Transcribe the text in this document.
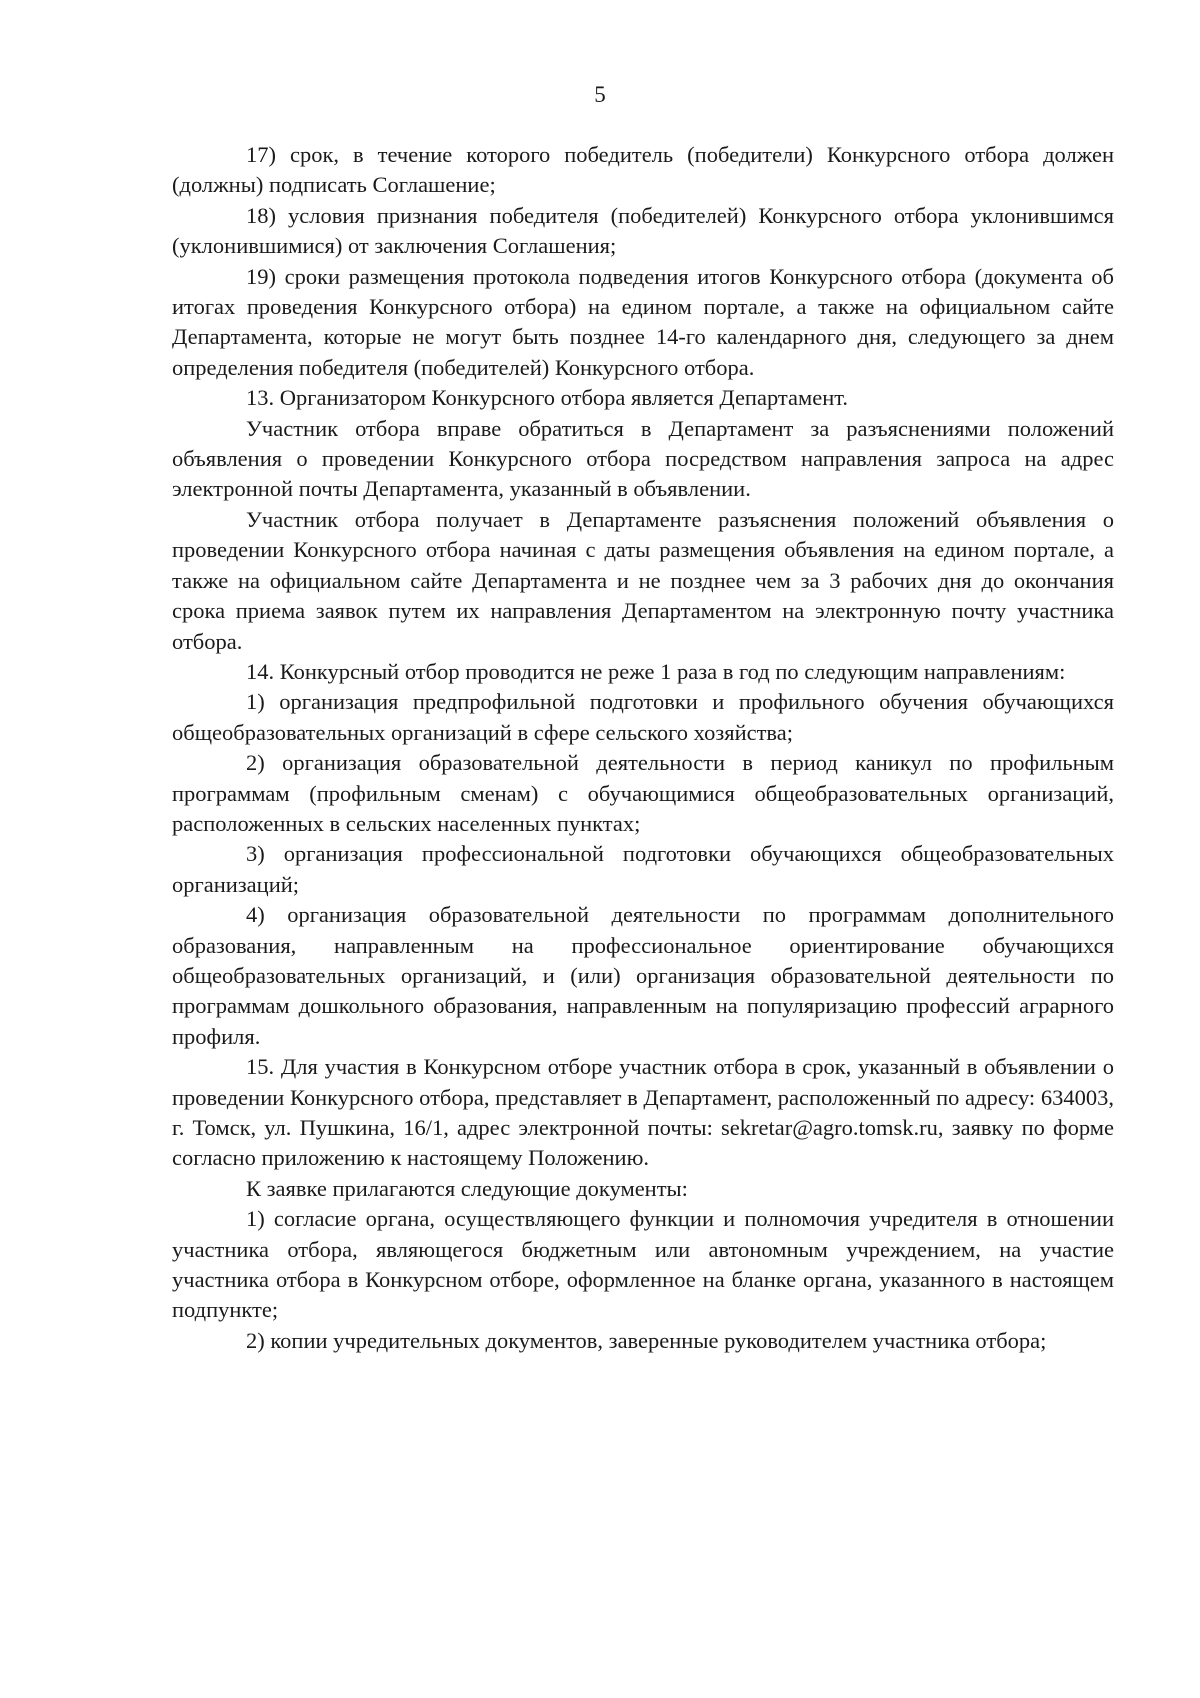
5

17) срок, в течение которого победитель (победители) Конкурсного отбора должен (должны) подписать Соглашение;

18) условия признания победителя (победителей) Конкурсного отбора уклонившимся (уклонившимися) от заключения Соглашения;

19) сроки размещения протокола подведения итогов Конкурсного отбора (документа об итогах проведения Конкурсного отбора) на едином портале, а также на официальном сайте Департамента, которые не могут быть позднее 14-го календарного дня, следующего за днем определения победителя (победителей) Конкурсного отбора.

13. Организатором Конкурсного отбора является Департамент.

Участник отбора вправе обратиться в Департамент за разъяснениями положений объявления о проведении Конкурсного отбора посредством направления запроса на адрес электронной почты Департамента, указанный в объявлении.

Участник отбора получает в Департаменте разъяснения положений объявления о проведении Конкурсного отбора начиная с даты размещения объявления на едином портале, а также на официальном сайте Департамента и не позднее чем за 3 рабочих дня до окончания срока приема заявок путем их направления Департаментом на электронную почту участника отбора.

14. Конкурсный отбор проводится не реже 1 раза в год по следующим направлениям:

1) организация предпрофильной подготовки и профильного обучения обучающихся общеобразовательных организаций в сфере сельского хозяйства;

2) организация образовательной деятельности в период каникул по профильным программам (профильным сменам) с обучающимися общеобразовательных организаций, расположенных в сельских населенных пунктах;

3) организация профессиональной подготовки обучающихся общеобразовательных организаций;

4) организация образовательной деятельности по программам дополнительного образования, направленным на профессиональное ориентирование обучающихся общеобразовательных организаций, и (или) организация образовательной деятельности по программам дошкольного образования, направленным на популяризацию профессий аграрного профиля.

15. Для участия в Конкурсном отборе участник отбора в срок, указанный в объявлении о проведении Конкурсного отбора, представляет в Департамент, расположенный по адресу: 634003, г. Томск, ул. Пушкина, 16/1, адрес электронной почты: sekretar@agro.tomsk.ru, заявку по форме согласно приложению к настоящему Положению.

К заявке прилагаются следующие документы:

1) согласие органа, осуществляющего функции и полномочия учредителя в отношении участника отбора, являющегося бюджетным или автономным учреждением, на участие участника отбора в Конкурсном отборе, оформленное на бланке органа, указанного в настоящем подпункте;

2) копии учредительных документов, заверенные руководителем участника отбора;
